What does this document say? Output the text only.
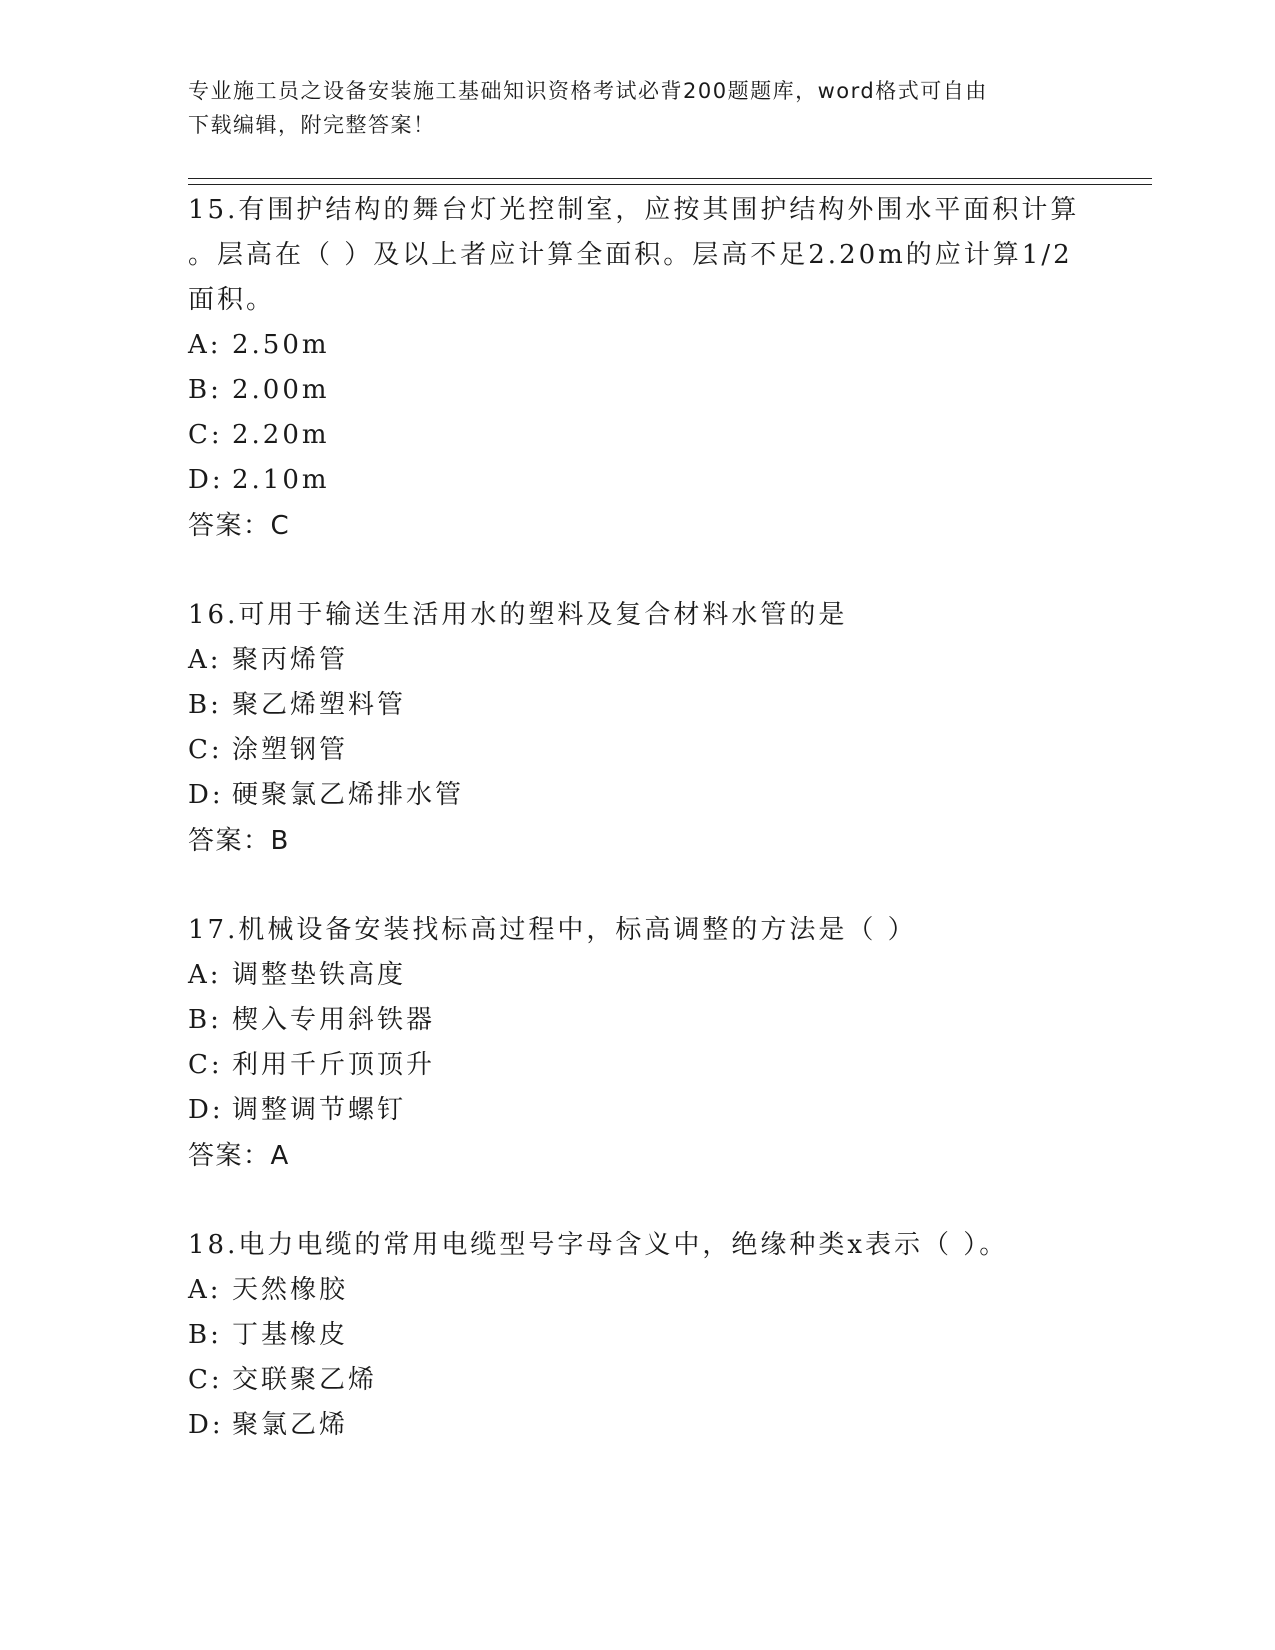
专业施工员之设备安装施工基础知识资格考试必背200题题库，word格式可自由
下载编辑，附完整答案！

15.有围护结构的舞台灯光控制室，应按其围护结构外围水平面积计算

。层高在（ ）及以上者应计算全面积。层高不足2.20m的应计算1/2

面积。

A: 2.50m

B: 2.00m

C: 2.20m

D: 2.10m

答案：C

16.可用于输送生活用水的塑料及复合材料水管的是

A: 聚丙烯管

B: 聚乙烯塑料管

C: 涂塑钢管

D: 硬聚氯乙烯排水管

答案：B

17.机械设备安装找标高过程中，标高调整的方法是（ ）

A: 调整垫铁高度

B: 楔入专用斜铁器

C: 利用千斤顶顶升

D: 调整调节螺钉

答案：A

18.电力电缆的常用电缆型号字母含义中，绝缘种类x表示（ ）。

A: 天然橡胶

B: 丁基橡皮

C: 交联聚乙烯

D: 聚氯乙烯
